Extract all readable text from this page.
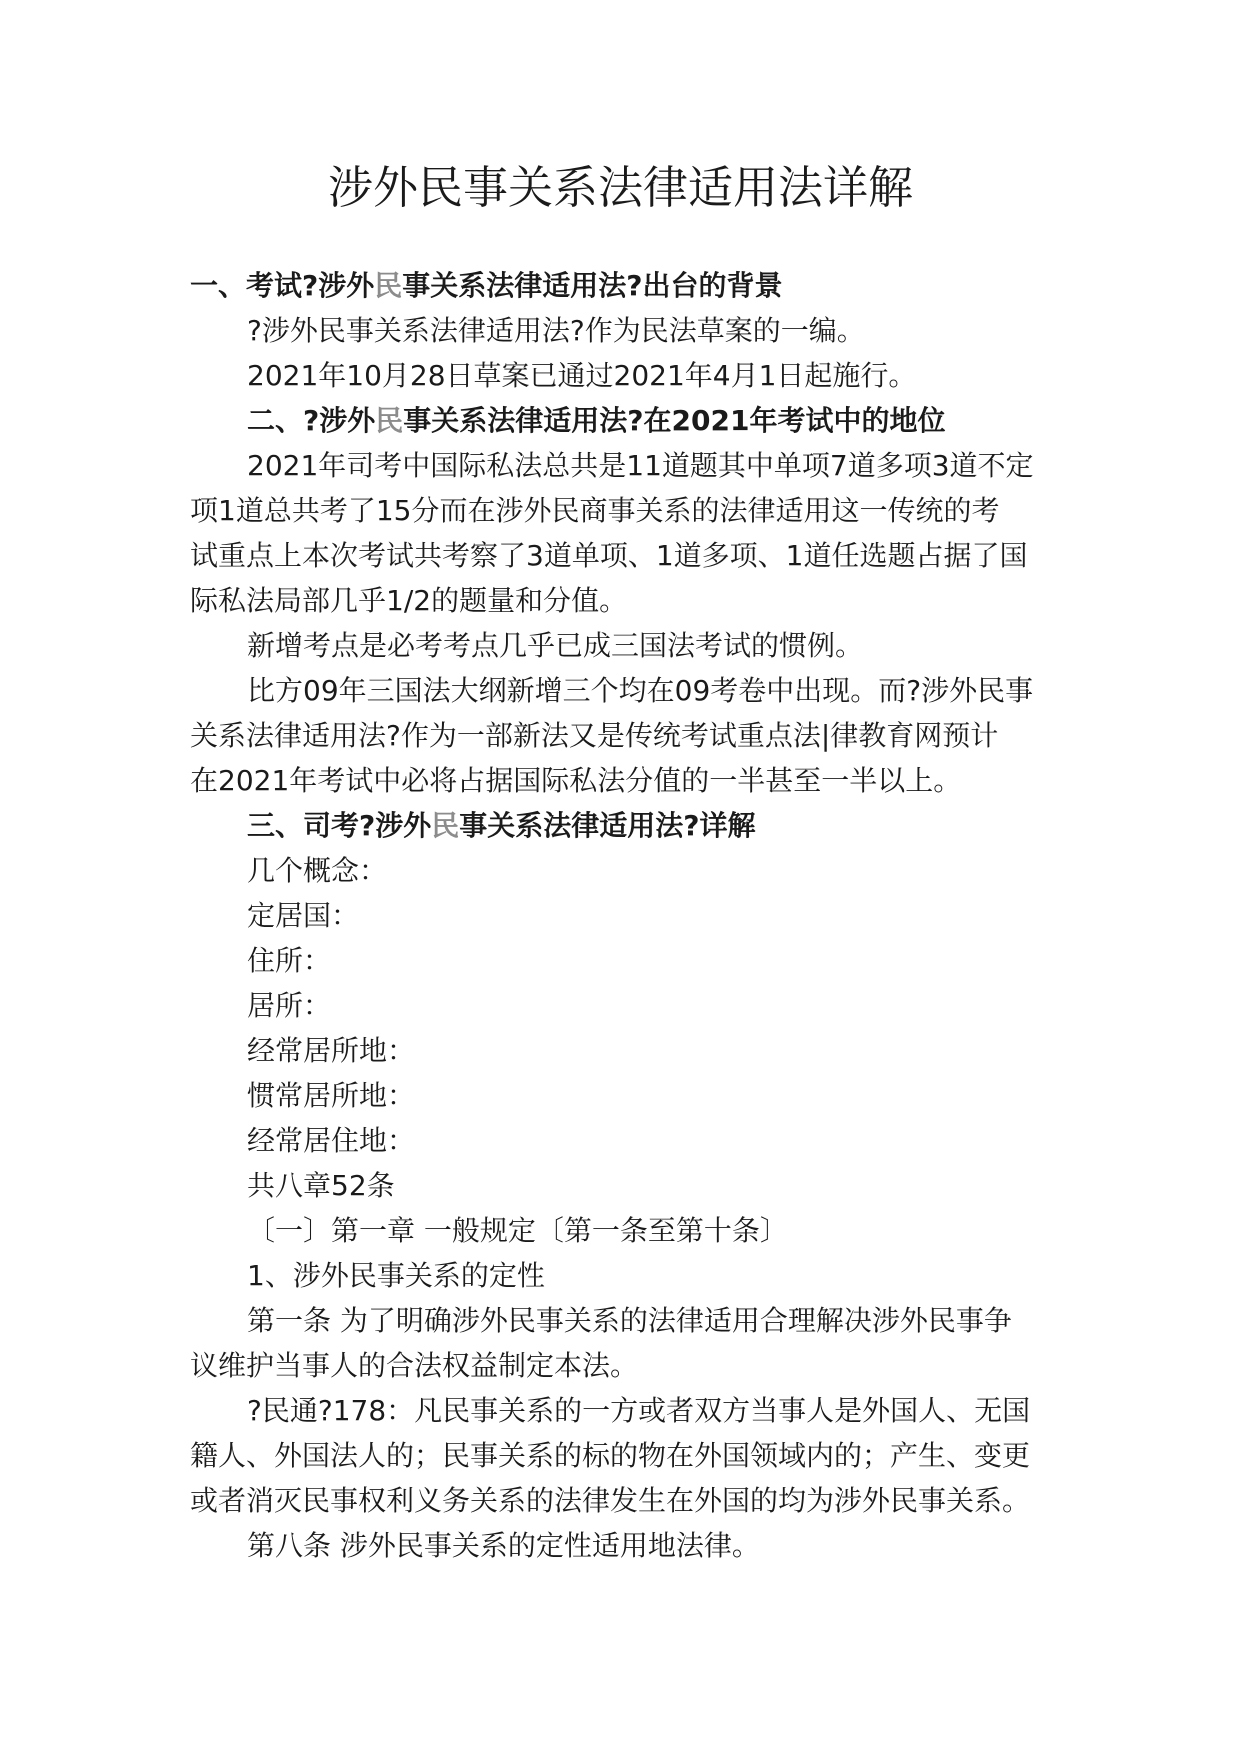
涉外民事关系法律适用法详解
一、考试?涉外民事关系法律适用法?出台的背景
?涉外民事关系法律适用法?作为民法草案的一编。
2021年10月28日草案已通过2021年4月1日起施行。
二、?涉外民事关系法律适用法?在2021年考试中的地位
2021年司考中国际私法总共是11道题其中单项7道多项3道不定
项1道总共考了15分而在涉外民商事关系的法律适用这一传统的考
试重点上本次考试共考察了3道单项、1道多项、1道任选题占据了国
际私法局部几乎1/2的题量和分值。
新增考点是必考考点几乎已成三国法考试的惯例。
比方09年三国法大纲新增三个均在09考卷中出现。而?涉外民事
关系法律适用法?作为一部新法又是传统考试重点法|律教育网预计
在2021年考试中必将占据国际私法分值的一半甚至一半以上。
三、司考?涉外民事关系法律适用法?详解
几个概念：
定居国：
住所：
居所：
经常居所地：
惯常居所地：
经常居住地：
共八章52条
〔一〕第一章 一般规定〔第一条至第十条〕
1、涉外民事关系的定性
第一条 为了明确涉外民事关系的法律适用合理解决涉外民事争
议维护当事人的合法权益制定本法。
?民通?178：凡民事关系的一方或者双方当事人是外国人、无国
籍人、外国法人的；民事关系的标的物在外国领域内的；产生、变更
或者消灭民事权利义务关系的法律发生在外国的均为涉外民事关系。
第八条 涉外民事关系的定性适用地法律。
